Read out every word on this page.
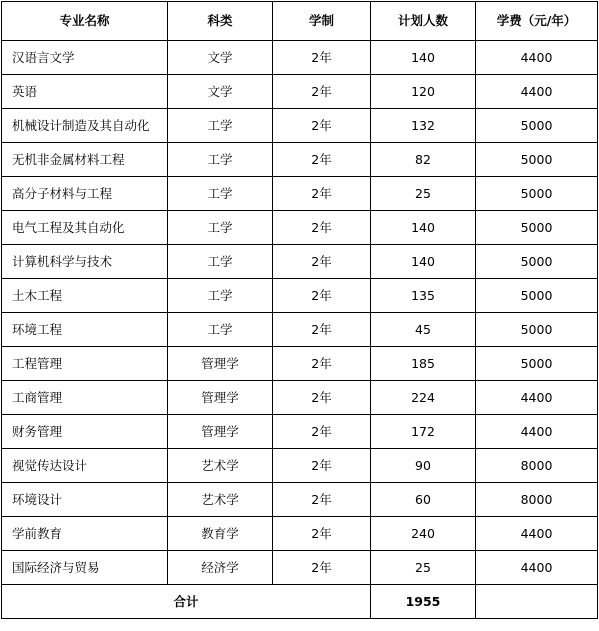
专业名称	科类	学制	计划人数	学费（元/年）
汉语言文学	文学	2年	140	4400
英语	文学	2年	120	4400
机械设计制造及其自动化	工学	2年	132	5000
无机非金属材料工程	工学	2年	82	5000
高分子材料与工程	工学	2年	25	5000
电气工程及其自动化	工学	2年	140	5000
计算机科学与技术	工学	2年	140	5000
土木工程	工学	2年	135	5000
环境工程	工学	2年	45	5000
工程管理	管理学	2年	185	5000
工商管理	管理学	2年	224	4400
财务管理	管理学	2年	172	4400
视觉传达设计	艺术学	2年	90	8000
环境设计	艺术学	2年	60	8000
学前教育	教育学	2年	240	4400
国际经济与贸易	经济学	2年	25	4400
合计			1955	
